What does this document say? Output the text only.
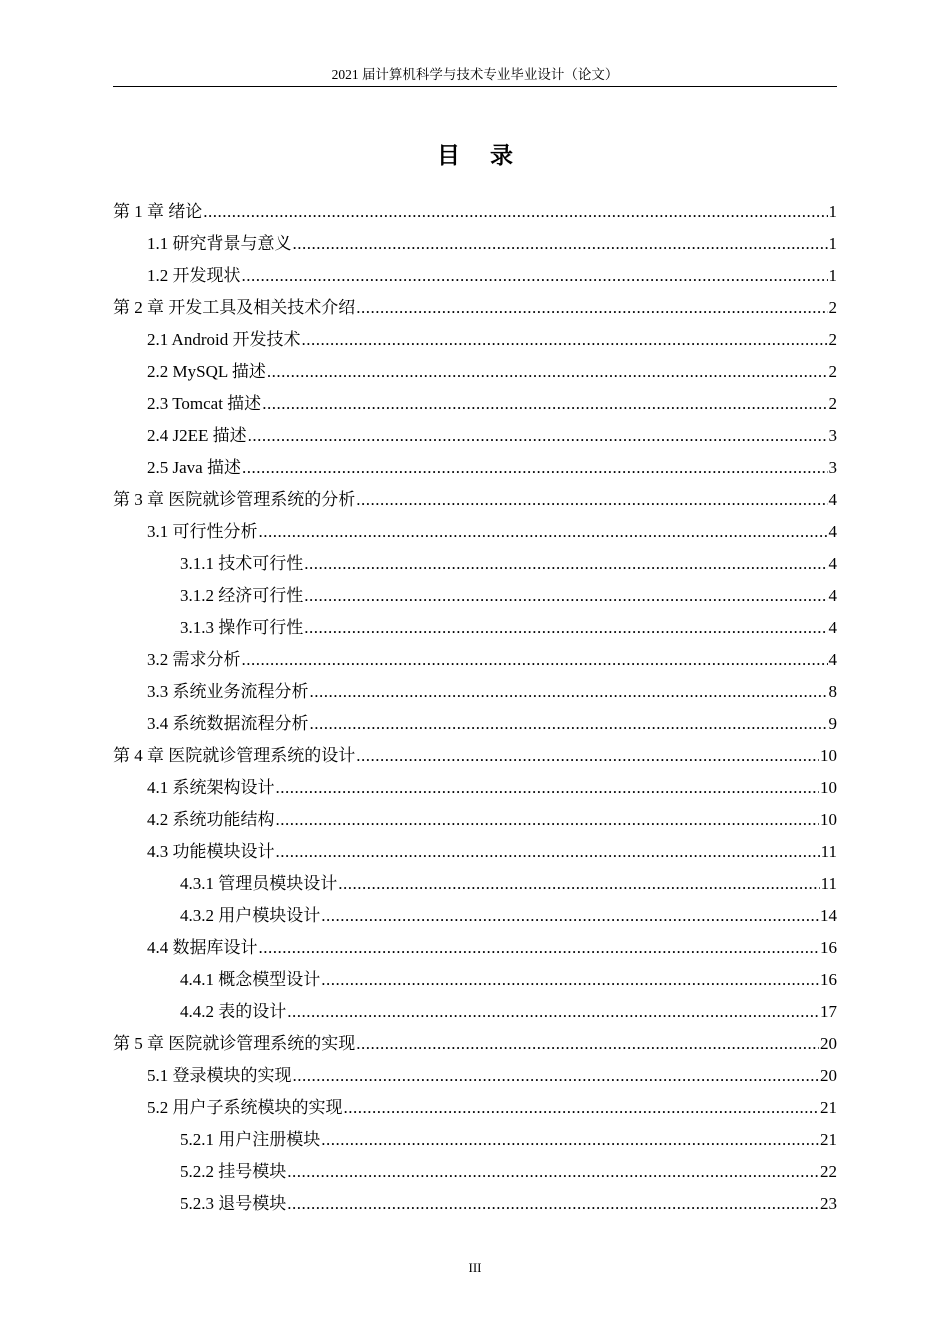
2021 届计算机科学与技术专业毕业设计（论文）
目录
第 1 章 绪论 .....	1
1.1 研究背景与意义 .....	1
1.2 开发现状 .....	1
第 2 章 开发工具及相关技术介绍 .....	2
2.1 Android 开发技术 .....	2
2.2 MySQL 描述 .....	2
2.3 Tomcat 描述 .....	2
2.4 J2EE 描述 .....	3
2.5 Java 描述 .....	3
第 3 章 医院就诊管理系统的分析 .....	4
3.1 可行性分析 .....	4
3.1.1 技术可行性 .....	4
3.1.2 经济可行性 .....	4
3.1.3 操作可行性 .....	4
3.2 需求分析 .....	4
3.3 系统业务流程分析 .....	8
3.4 系统数据流程分析 .....	9
第 4 章 医院就诊管理系统的设计 .....	10
4.1 系统架构设计 .....	10
4.2 系统功能结构 .....	10
4.3 功能模块设计 .....	11
4.3.1 管理员模块设计 .....	11
4.3.2 用户模块设计 .....	14
4.4 数据库设计 .....	16
4.4.1 概念模型设计 .....	16
4.4.2 表的设计 .....	17
第 5 章 医院就诊管理系统的实现 .....	20
5.1 登录模块的实现 .....	20
5.2 用户子系统模块的实现 .....	21
5.2.1 用户注册模块 .....	21
5.2.2 挂号模块 .....	22
5.2.3 退号模块 .....	23
III
